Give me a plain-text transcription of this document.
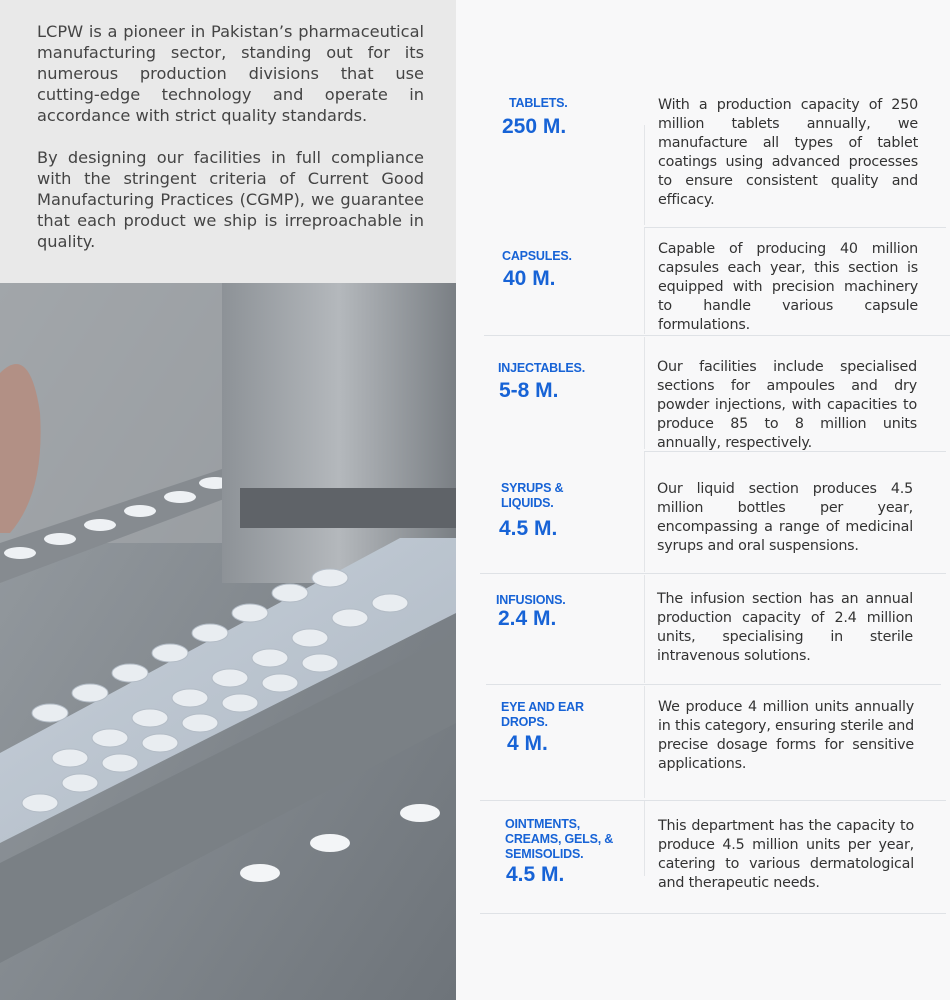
LCPW is a pioneer in Pakistan’s pharmaceutical manufacturing sector, standing out for its numerous production divisions that use cutting-edge technology and operate in accordance with strict quality standards.

By designing our facilities in full compliance with the stringent criteria of Current Good Manufacturing Practices (CGMP), we guarantee that each product we ship is irreproachable in quality.

TABLETS.
250 M.
With a production capacity of 250 million tablets annually, we manufacture all types of tablet coatings using advanced processes to ensure consistent quality and efficacy.
CAPSULES.
40 M.
Capable of producing 40 million capsules each year, this section is equipped with precision machinery to handle various capsule formulations.
INJECTABLES.
5-8 M.
Our facilities include specialised sections for ampoules and dry powder injections, with capacities to produce 85 to 8 million units annually, respectively.
SYRUPS & LIQUIDS.
4.5 M.
Our liquid section produces 4.5 million bottles per year, encompassing a range of medicinal syrups and oral suspensions.
INFUSIONS.
2.4 M.
The infusion section has an annual production capacity of 2.4 million units, specialising in sterile intravenous solutions.
EYE AND EAR DROPS.
4 M.
We produce 4 million units annually in this category, ensuring sterile and precise dosage forms for sensitive applications.
OINTMENTS, CREAMS, GELS, & SEMISOLIDS.
4.5 M.
This department has the capacity to produce 4.5 million units per year, catering to various dermatological and therapeutic needs.
